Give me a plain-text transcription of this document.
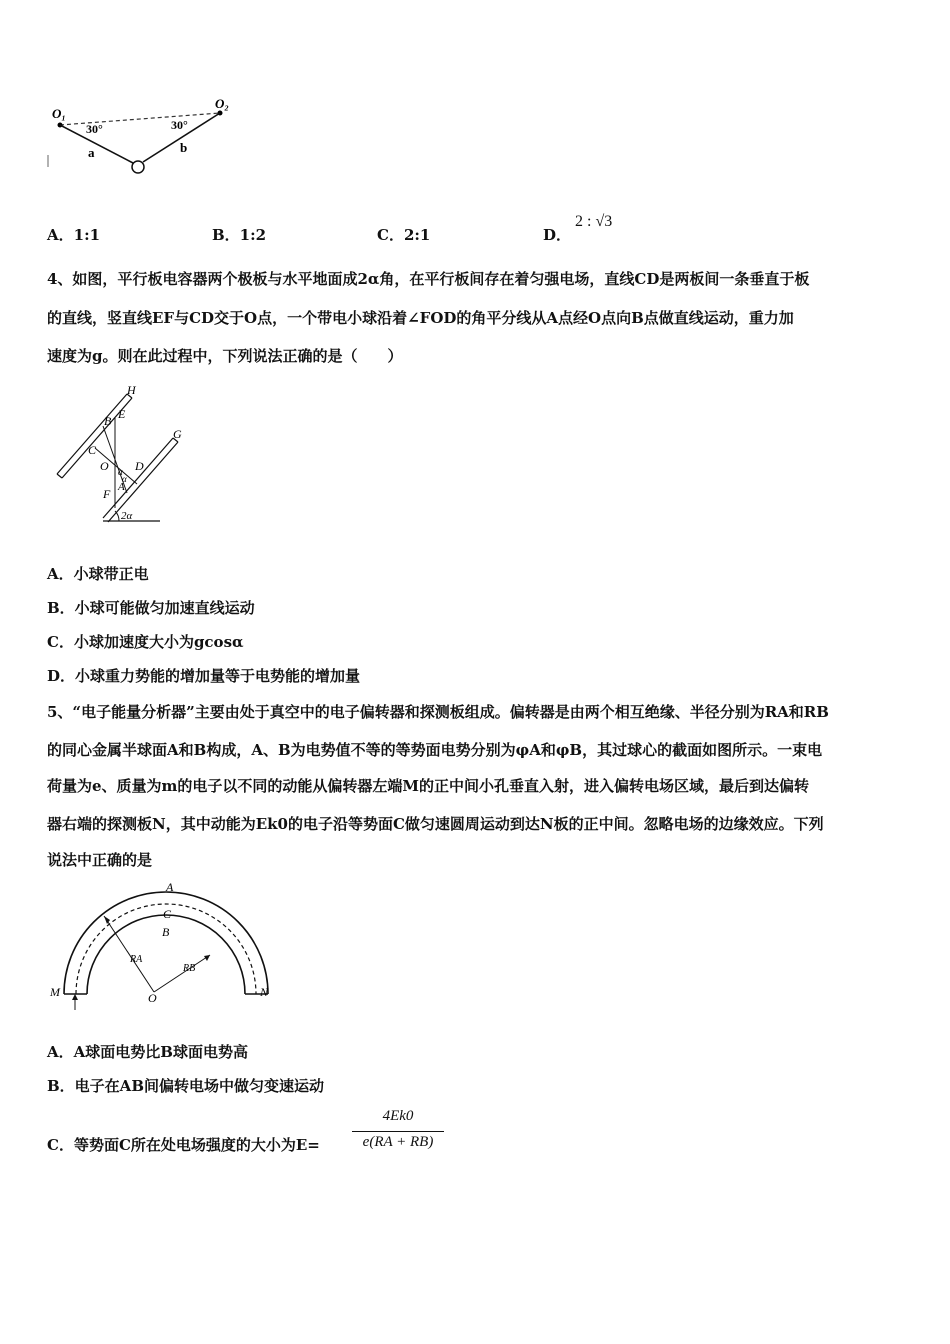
O₁
O₂
30°	30°
a	b
A．1:1	B．1:2	C．2:1	D．
2 : √3
4、如图，平行板电容器两个极板与水平地面成2α角，在平行板间存在着匀强电场，直线CD是两板间一条垂直于板
的直线，竖直线EF与CD交于O点，一个带电小球沿着∠FOD的角平分线从A点经O点向B点做直线运动，重力加
速度为g。则在此过程中，下列说法正确的是（　　）
H
E
B
G
C
O D
α
α
A
F
2α
A．小球带正电
B．小球可能做匀加速直线运动
C．小球加速度大小为gcosα
D．小球重力势能的增加量等于电势能的增加量
5、“电子能量分析器”主要由处于真空中的电子偏转器和探测板组成。偏转器是由两个相互绝缘、半径分别为RA和RB
的同心金属半球面A和B构成，A、B为电势值不等的等势面电势分别为φA和φB，其过球心的截面如图所示。一束电
荷量为e、质量为m的电子以不同的动能从偏转器左端M的正中间小孔垂直入射，进入偏转电场区域，最后到达偏转
器右端的探测板N，其中动能为Ek0的电子沿等势面C做匀速圆周运动到达N板的正中间。忽略电场的边缘效应。下列
说法中正确的是
A
C
B
RA
RB
O
M	N
A．A球面电势比B球面电势高
B．电子在AB间偏转电场中做匀变速运动
C．等势面C所在处电场强度的大小为E=
4Ek0
e(RA + RB)
